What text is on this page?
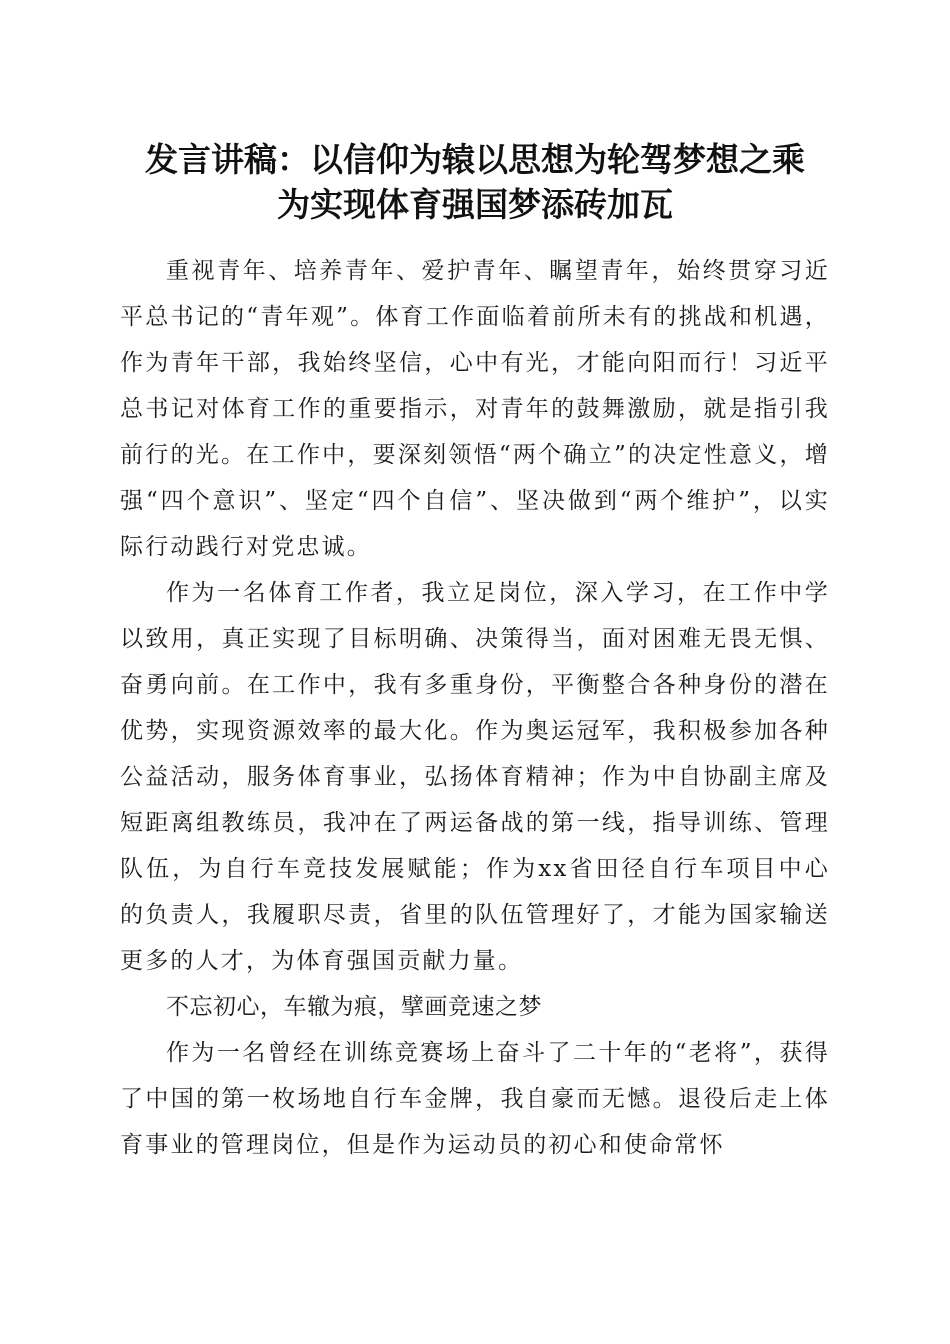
发言讲稿：以信仰为辕以思想为轮驾梦想之乘
为实现体育强国梦添砖加瓦

重视青年、培养青年、爱护青年、瞩望青年，始终贯穿习近平总书记的“青年观”。体育工作面临着前所未有的挑战和机遇，作为青年干部，我始终坚信，心中有光，才能向阳而行！习近平总书记对体育工作的重要指示，对青年的鼓舞激励，就是指引我前行的光。在工作中，要深刻领悟“两个确立”的决定性意义，增强“四个意识”、坚定“四个自信”、坚决做到“两个维护”，以实际行动践行对党忠诚。

作为一名体育工作者，我立足岗位，深入学习，在工作中学以致用，真正实现了目标明确、决策得当，面对困难无畏无惧、奋勇向前。在工作中，我有多重身份，平衡整合各种身份的潜在优势，实现资源效率的最大化。作为奥运冠军，我积极参加各种公益活动，服务体育事业，弘扬体育精神；作为中自协副主席及短距离组教练员，我冲在了两运备战的第一线，指导训练、管理队伍，为自行车竞技发展赋能；作为xx省田径自行车项目中心的负责人，我履职尽责，省里的队伍管理好了，才能为国家输送更多的人才，为体育强国贡献力量。

不忘初心，车辙为痕，擘画竞速之梦

作为一名曾经在训练竞赛场上奋斗了二十年的“老将”，获得了中国的第一枚场地自行车金牌，我自豪而无憾。退役后走上体育事业的管理岗位，但是作为运动员的初心和使命常怀
